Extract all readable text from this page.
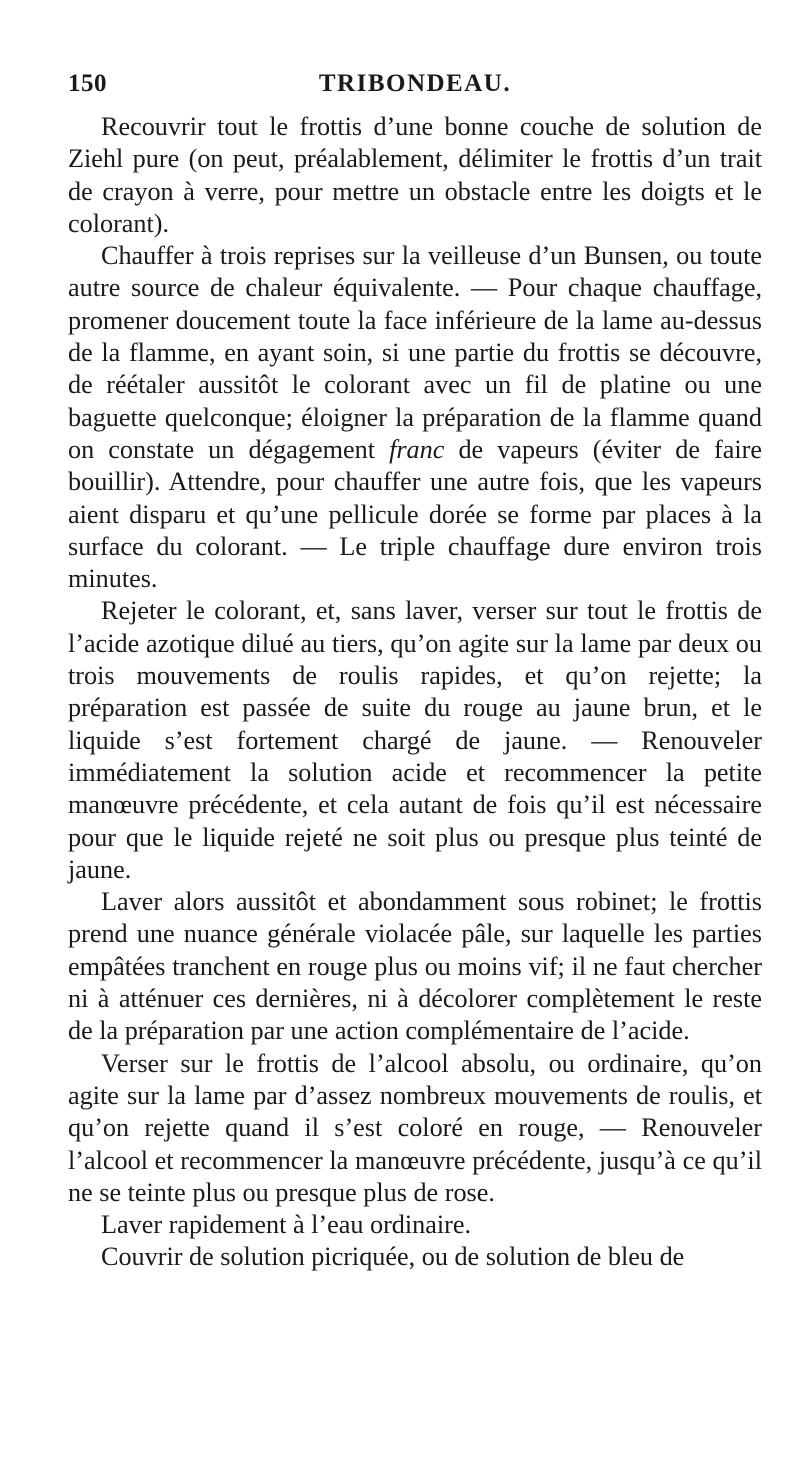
150	TRIBONDEAU.

Recouvrir tout le frottis d’une bonne couche de solution de Ziehl pure (on peut, préalablement, délimiter le frottis d’un trait de crayon à verre, pour mettre un obstacle entre les doigts et le colorant).

Chauffer à trois reprises sur la veilleuse d’un Bunsen, ou toute autre source de chaleur équivalente. — Pour chaque chauffage, promener doucement toute la face inférieure de la lame au-dessus de la flamme, en ayant soin, si une partie du frottis se découvre, de réétaler aussitôt le colorant avec un fil de platine ou une baguette quelconque; éloigner la préparation de la flamme quand on constate un dégagement franc de vapeurs (éviter de faire bouillir). Attendre, pour chauffer une autre fois, que les vapeurs aient disparu et qu’une pellicule dorée se forme par places à la surface du colorant. — Le triple chauffage dure environ trois minutes.

Rejeter le colorant, et, sans laver, verser sur tout le frottis de l’acide azotique dilué au tiers, qu’on agite sur la lame par deux ou trois mouvements de roulis rapides, et qu’on rejette; la préparation est passée de suite du rouge au jaune brun, et le liquide s’est fortement chargé de jaune. — Renouveler immédiatement la solution acide et recommencer la petite manœuvre précédente, et cela autant de fois qu’il est nécessaire pour que le liquide rejeté ne soit plus ou presque plus teinté de jaune.

Laver alors aussitôt et abondamment sous robinet; le frottis prend une nuance générale violacée pâle, sur laquelle les parties empâtées tranchent en rouge plus ou moins vif; il ne faut chercher ni à atténuer ces dernières, ni à décolorer complètement le reste de la préparation par une action complémentaire de l’acide.

Verser sur le frottis de l’alcool absolu, ou ordinaire, qu’on agite sur la lame par d’assez nombreux mouvements de roulis, et qu’on rejette quand il s’est coloré en rouge, — Renouveler l’alcool et recommencer la manœuvre précédente, jusqu’à ce qu’il ne se teinte plus ou presque plus de rose.

Laver rapidement à l’eau ordinaire.

Couvrir de solution picriquée, ou de solution de bleu de
